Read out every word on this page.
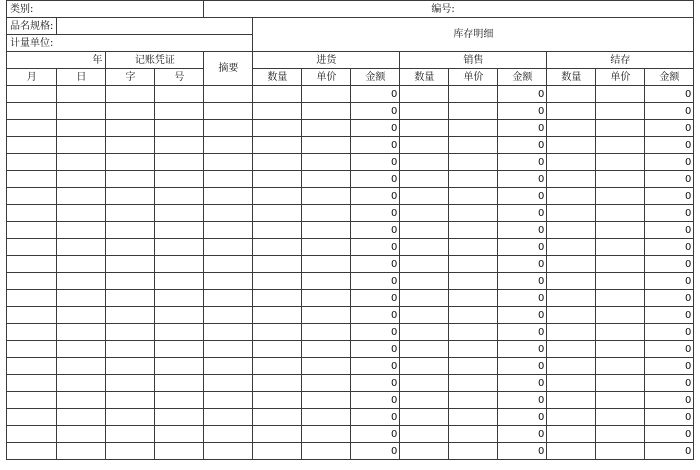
类别:				编号:									
品名规格:					库存明细								
计量单位:													
年		记账凭证		摘要	进货			销售			结存		
月	日	字	号		数量	单价	金额	数量	单价	金额	数量	单价	金额
							0			0			0
							0			0			0
							0			0			0
							0			0			0
							0			0			0
							0			0			0
							0			0			0
							0			0			0
							0			0			0
							0			0			0
							0			0			0
							0			0			0
							0			0			0
							0			0			0
							0			0			0
							0			0			0
							0			0			0
							0			0			0
							0			0			0
							0			0			0
							0			0			0
							0			0			0
